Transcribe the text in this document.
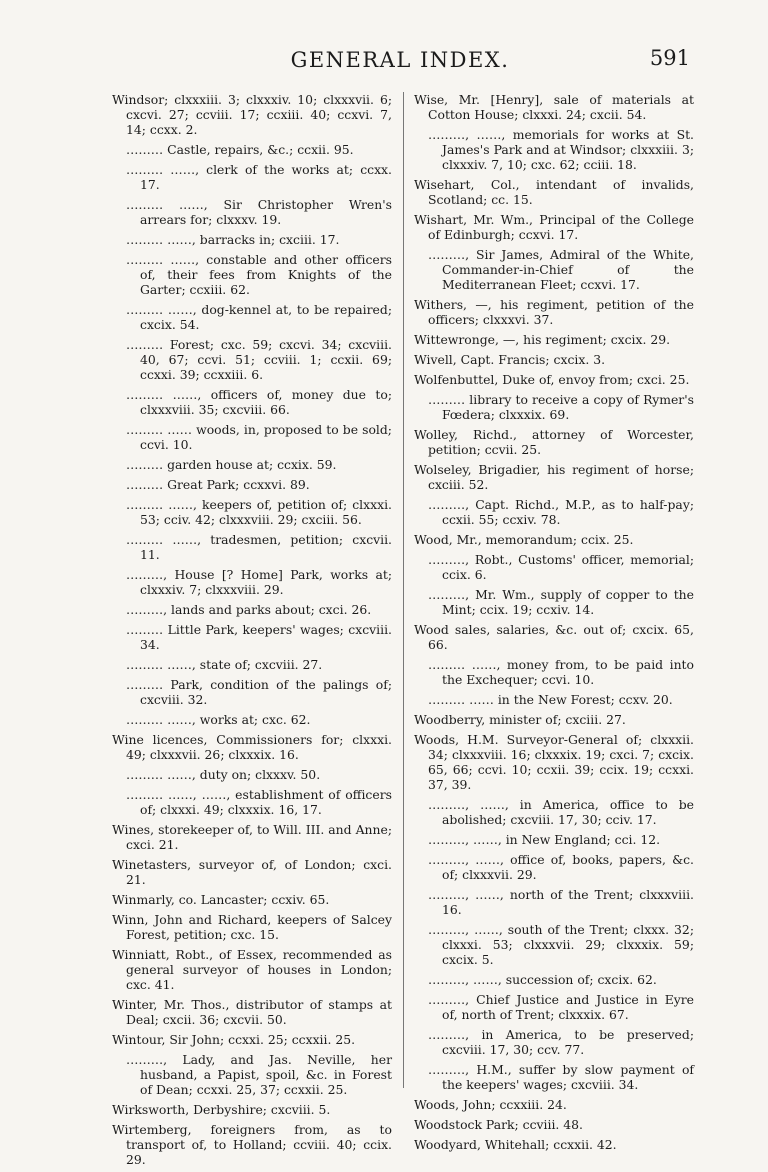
GENERAL INDEX.	591

Windsor; clxxxiii. 3; clxxxiv. 10; clxxxvii. 6; cxcvi. 27; ccviii. 17; ccxiii. 40; ccxvi. 7, 14; ccxx. 2.

……… Castle, repairs, &c.; ccxii. 95.

……… ……, clerk of the works at; ccxx. 17.

……… ……, Sir Christopher Wren's arrears for; clxxxv. 19.

……… ……, barracks in; cxciii. 17.

……… ……, constable and other officers of, their fees from Knights of the Garter; ccxiii. 62.

……… ……, dog-kennel at, to be repaired; cxcix. 54.

……… Forest; cxc. 59; cxcvi. 34; cxcviii. 40, 67; ccvi. 51; ccviii. 1; ccxii. 69; ccxxi. 39; ccxxiii. 6.

……… ……, officers of, money due to; clxxxviii. 35; cxcviii. 66.

……… …… woods, in, proposed to be sold; ccvi. 10.

……… garden house at; ccxix. 59.

……… Great Park; ccxxvi. 89.

……… ……, keepers of, petition of; clxxxi. 53; cciv. 42; clxxxviii. 29; cxciii. 56.

……… ……, tradesmen, petition; cxcvii. 11.

………, House [? Home] Park, works at; clxxxiv. 7; clxxxviii. 29.

………, lands and parks about; cxci. 26.

……… Little Park, keepers' wages; cxcviii. 34.

……… ……, state of; cxcviii. 27.

……… Park, condition of the palings of; cxcviii. 32.

……… ……, works at; cxc. 62.

Wine licences, Commissioners for; clxxxi. 49; clxxxvii. 26; clxxxix. 16.

……… ……, duty on; clxxxv. 50.

……… ……, ……, establishment of officers of; clxxxi. 49; clxxxix. 16, 17.

Wines, storekeeper of, to Will. III. and Anne; cxci. 21.

Winetasters, surveyor of, of London; cxci. 21.

Winmarly, co. Lancaster; ccxiv. 65.

Winn, John and Richard, keepers of Salcey Forest, petition; cxc. 15.

Winniatt, Robt., of Essex, recommended as general surveyor of houses in London; cxc. 41.

Winter, Mr. Thos., distributor of stamps at Deal; cxcii. 36; cxcvii. 50.

Wintour, Sir John; ccxxi. 25; ccxxii. 25.

………, Lady, and Jas. Neville, her husband, a Papist, spoil, &c. in Forest of Dean; ccxxi. 25, 37; ccxxii. 25.

Wirksworth, Derbyshire; cxcviii. 5.

Wirtemberg, foreigners from, as to transport of, to Holland; ccviii. 40; ccix. 29.

Wise, Mr. [Henry], sale of materials at Cotton House; clxxxi. 24; cxcii. 54.

………, ……, memorials for works at St. James's Park and at Windsor; clxxxiii. 3; clxxxiv. 7, 10; cxc. 62; cciii. 18.

Wisehart, Col., intendant of invalids, Scotland; cc. 15.

Wishart, Mr. Wm., Principal of the College of Edinburgh; ccxvi. 17.

………, Sir James, Admiral of the White, Commander-in-Chief of the Mediterranean Fleet; ccxvi. 17.

Withers, —, his regiment, petition of the officers; clxxxvi. 37.

Wittewronge, —, his regiment; cxcix. 29.

Wivell, Capt. Francis; cxcix. 3.

Wolfenbuttel, Duke of, envoy from; cxci. 25.

……… library to receive a copy of Rymer's Fœdera; clxxxix. 69.

Wolley, Richd., attorney of Worcester, petition; ccvii. 25.

Wolseley, Brigadier, his regiment of horse; cxciii. 52.

………, Capt. Richd., M.P., as to half-pay; ccxii. 55; ccxiv. 78.

Wood, Mr., memorandum; ccix. 25.

………, Robt., Customs' officer, memorial; ccix. 6.

………, Mr. Wm., supply of copper to the Mint; ccix. 19; ccxiv. 14.

Wood sales, salaries, &c. out of; cxcix. 65, 66.

……… ……, money from, to be paid into the Exchequer; ccvi. 10.

……… …… in the New Forest; ccxv. 20.

Woodberry, minister of; cxciii. 27.

Woods, H.M. Surveyor-General of; clxxxii. 34; clxxxviii. 16; clxxxix. 19; cxci. 7; cxcix. 65, 66; ccvi. 10; ccxii. 39; ccix. 19; ccxxi. 37, 39.

………, ……, in America, office to be abolished; cxcviii. 17, 30; cciv. 17.

………, ……, in New England; cci. 12.

………, ……, office of, books, papers, &c. of; clxxxvii. 29.

………, ……, north of the Trent; clxxxviii. 16.

………, ……, south of the Trent; clxxx. 32; clxxxi. 53; clxxxvii. 29; clxxxix. 59; cxcix. 5.

………, ……, succession of; cxcix. 62.

………, Chief Justice and Justice in Eyre of, north of Trent; clxxxix. 67.

………, in America, to be preserved; cxcviii. 17, 30; ccv. 77.

………, H.M., suffer by slow payment of the keepers' wages; cxcviii. 34.

Woods, John; ccxxiii. 24.

Woodstock Park; ccviii. 48.

Woodyard, Whitehall; ccxxii. 42.
